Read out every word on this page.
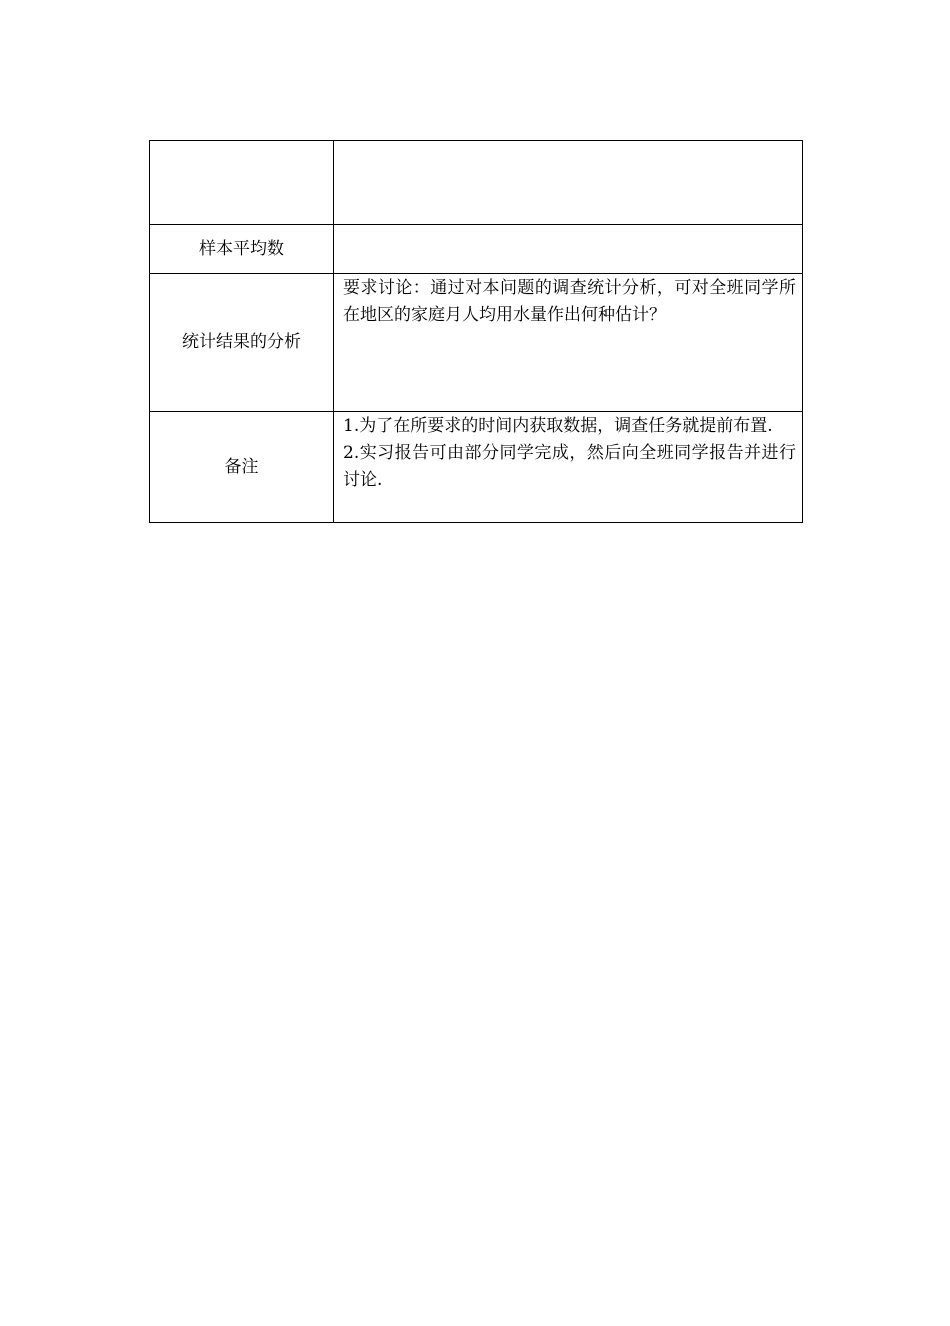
样本平均数	
统计结果的分析	要求讨论：通过对本问题的调查统计分析，可对全班同学所在地区的家庭月人均用水量作出何种估计？

备注	1.为了在所要求的时间内获取数据，调查任务就提前布置.
2.实习报告可由部分同学完成，然后向全班同学报告并进行讨论.
